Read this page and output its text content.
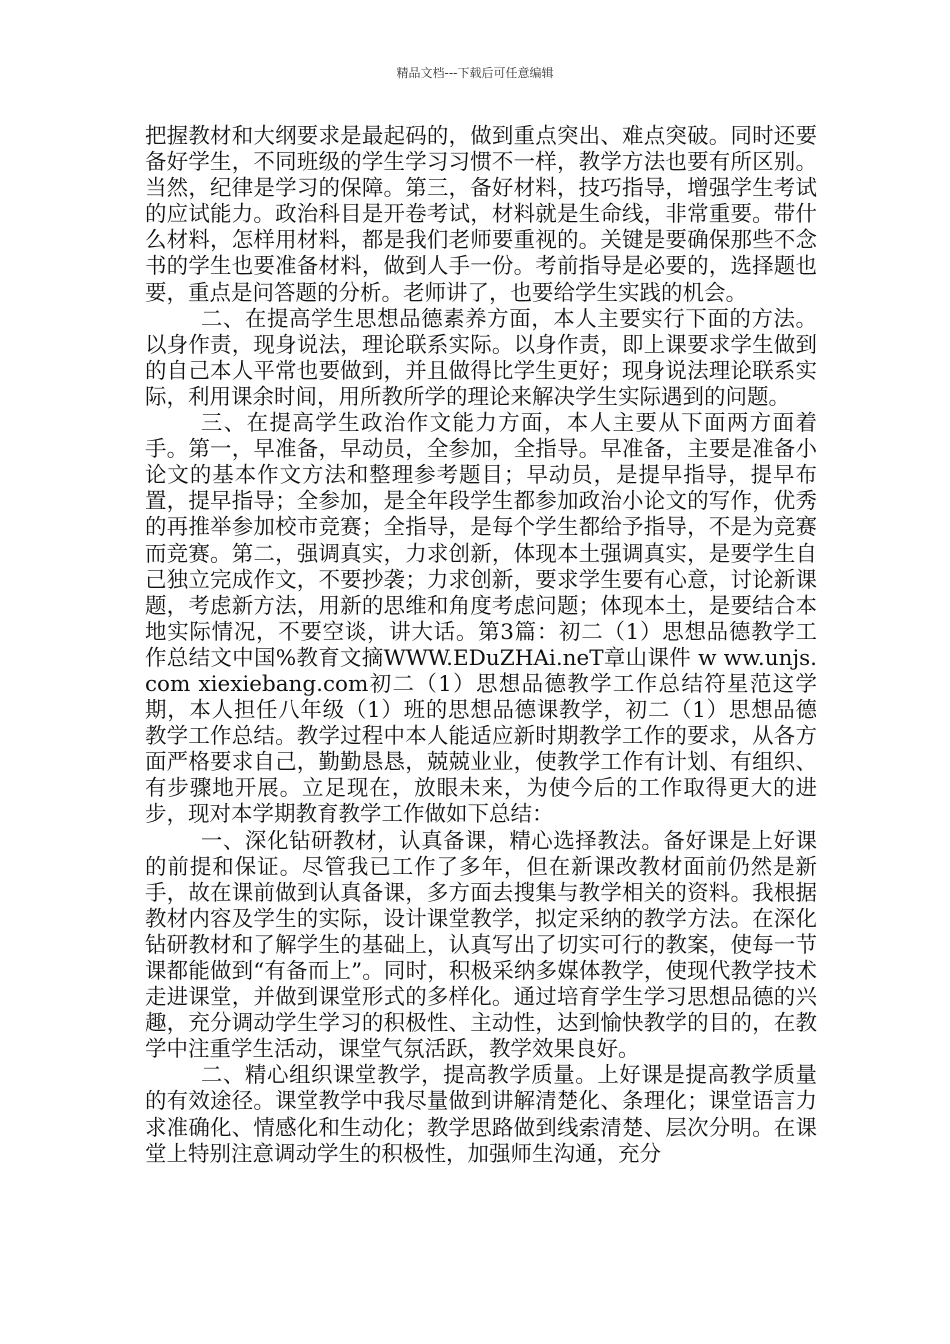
精品文档---下载后可任意编辑

把握教材和大纲要求是最起码的，做到重点突出、难点突破。同时还要备好学生，不同班级的学生学习习惯不一样，教学方法也要有所区别。当然，纪律是学习的保障。第三，备好材料，技巧指导，增强学生考试的应试能力。政治科目是开卷考试，材料就是生命线，非常重要。带什么材料，怎样用材料，都是我们老师要重视的。关键是要确保那些不念书的学生也要准备材料，做到人手一份。考前指导是必要的，选择题也要，重点是问答题的分析。老师讲了，也要给学生实践的机会。

二、在提高学生思想品德素养方面，本人主要实行下面的方法。以身作责，现身说法，理论联系实际。以身作责，即上课要求学生做到的自己本人平常也要做到，并且做得比学生更好；现身说法理论联系实际，利用课余时间，用所教所学的理论来解决学生实际遇到的问题。

三、在提高学生政治作文能力方面，本人主要从下面两方面着手。第一，早准备，早动员，全参加，全指导。早准备，主要是准备小论文的基本作文方法和整理参考题目；早动员，是提早指导，提早布置，提早指导；全参加，是全年段学生都参加政治小论文的写作，优秀的再推举参加校市竞赛；全指导，是每个学生都给予指导，不是为竞赛而竞赛。第二，强调真实，力求创新，体现本土强调真实，是要学生自己独立完成作文，不要抄袭；力求创新，要求学生要有心意，讨论新课题，考虑新方法，用新的思维和角度考虑问题；体现本土，是要结合本地实际情况，不要空谈，讲大话。第3篇：初二（1）思想品德教学工作总结文中国%教育文摘WWW.EDuZHAi.neT章山课件 w ww.unjs.com xiexiebang.com初二（1）思想品德教学工作总结符星范这学期，本人担任八年级（1）班的思想品德课教学，初二（1）思想品德教学工作总结。教学过程中本人能适应新时期教学工作的要求，从各方面严格要求自己，勤勤恳恳，兢兢业业，使教学工作有计划、有组织、有步骤地开展。立足现在，放眼未来，为使今后的工作取得更大的进步，现对本学期教育教学工作做如下总结：

一、深化钻研教材，认真备课，精心选择教法。备好课是上好课的前提和保证。尽管我已工作了多年，但在新课改教材面前仍然是新手，故在课前做到认真备课，多方面去搜集与教学相关的资料。我根据教材内容及学生的实际，设计课堂教学，拟定采纳的教学方法。在深化钻研教材和了解学生的基础上，认真写出了切实可行的教案，使每一节课都能做到“有备而上”。同时，积极采纳多媒体教学，使现代教学技术走进课堂，并做到课堂形式的多样化。通过培育学生学习思想品德的兴趣，充分调动学生学习的积极性、主动性，达到愉快教学的目的，在教学中注重学生活动，课堂气氛活跃，教学效果良好。

二、精心组织课堂教学，提高教学质量。上好课是提高教学质量的有效途径。课堂教学中我尽量做到讲解清楚化、条理化；课堂语言力求准确化、情感化和生动化；教学思路做到线索清楚、层次分明。在课堂上特别注意调动学生的积极性，加强师生沟通，充分
